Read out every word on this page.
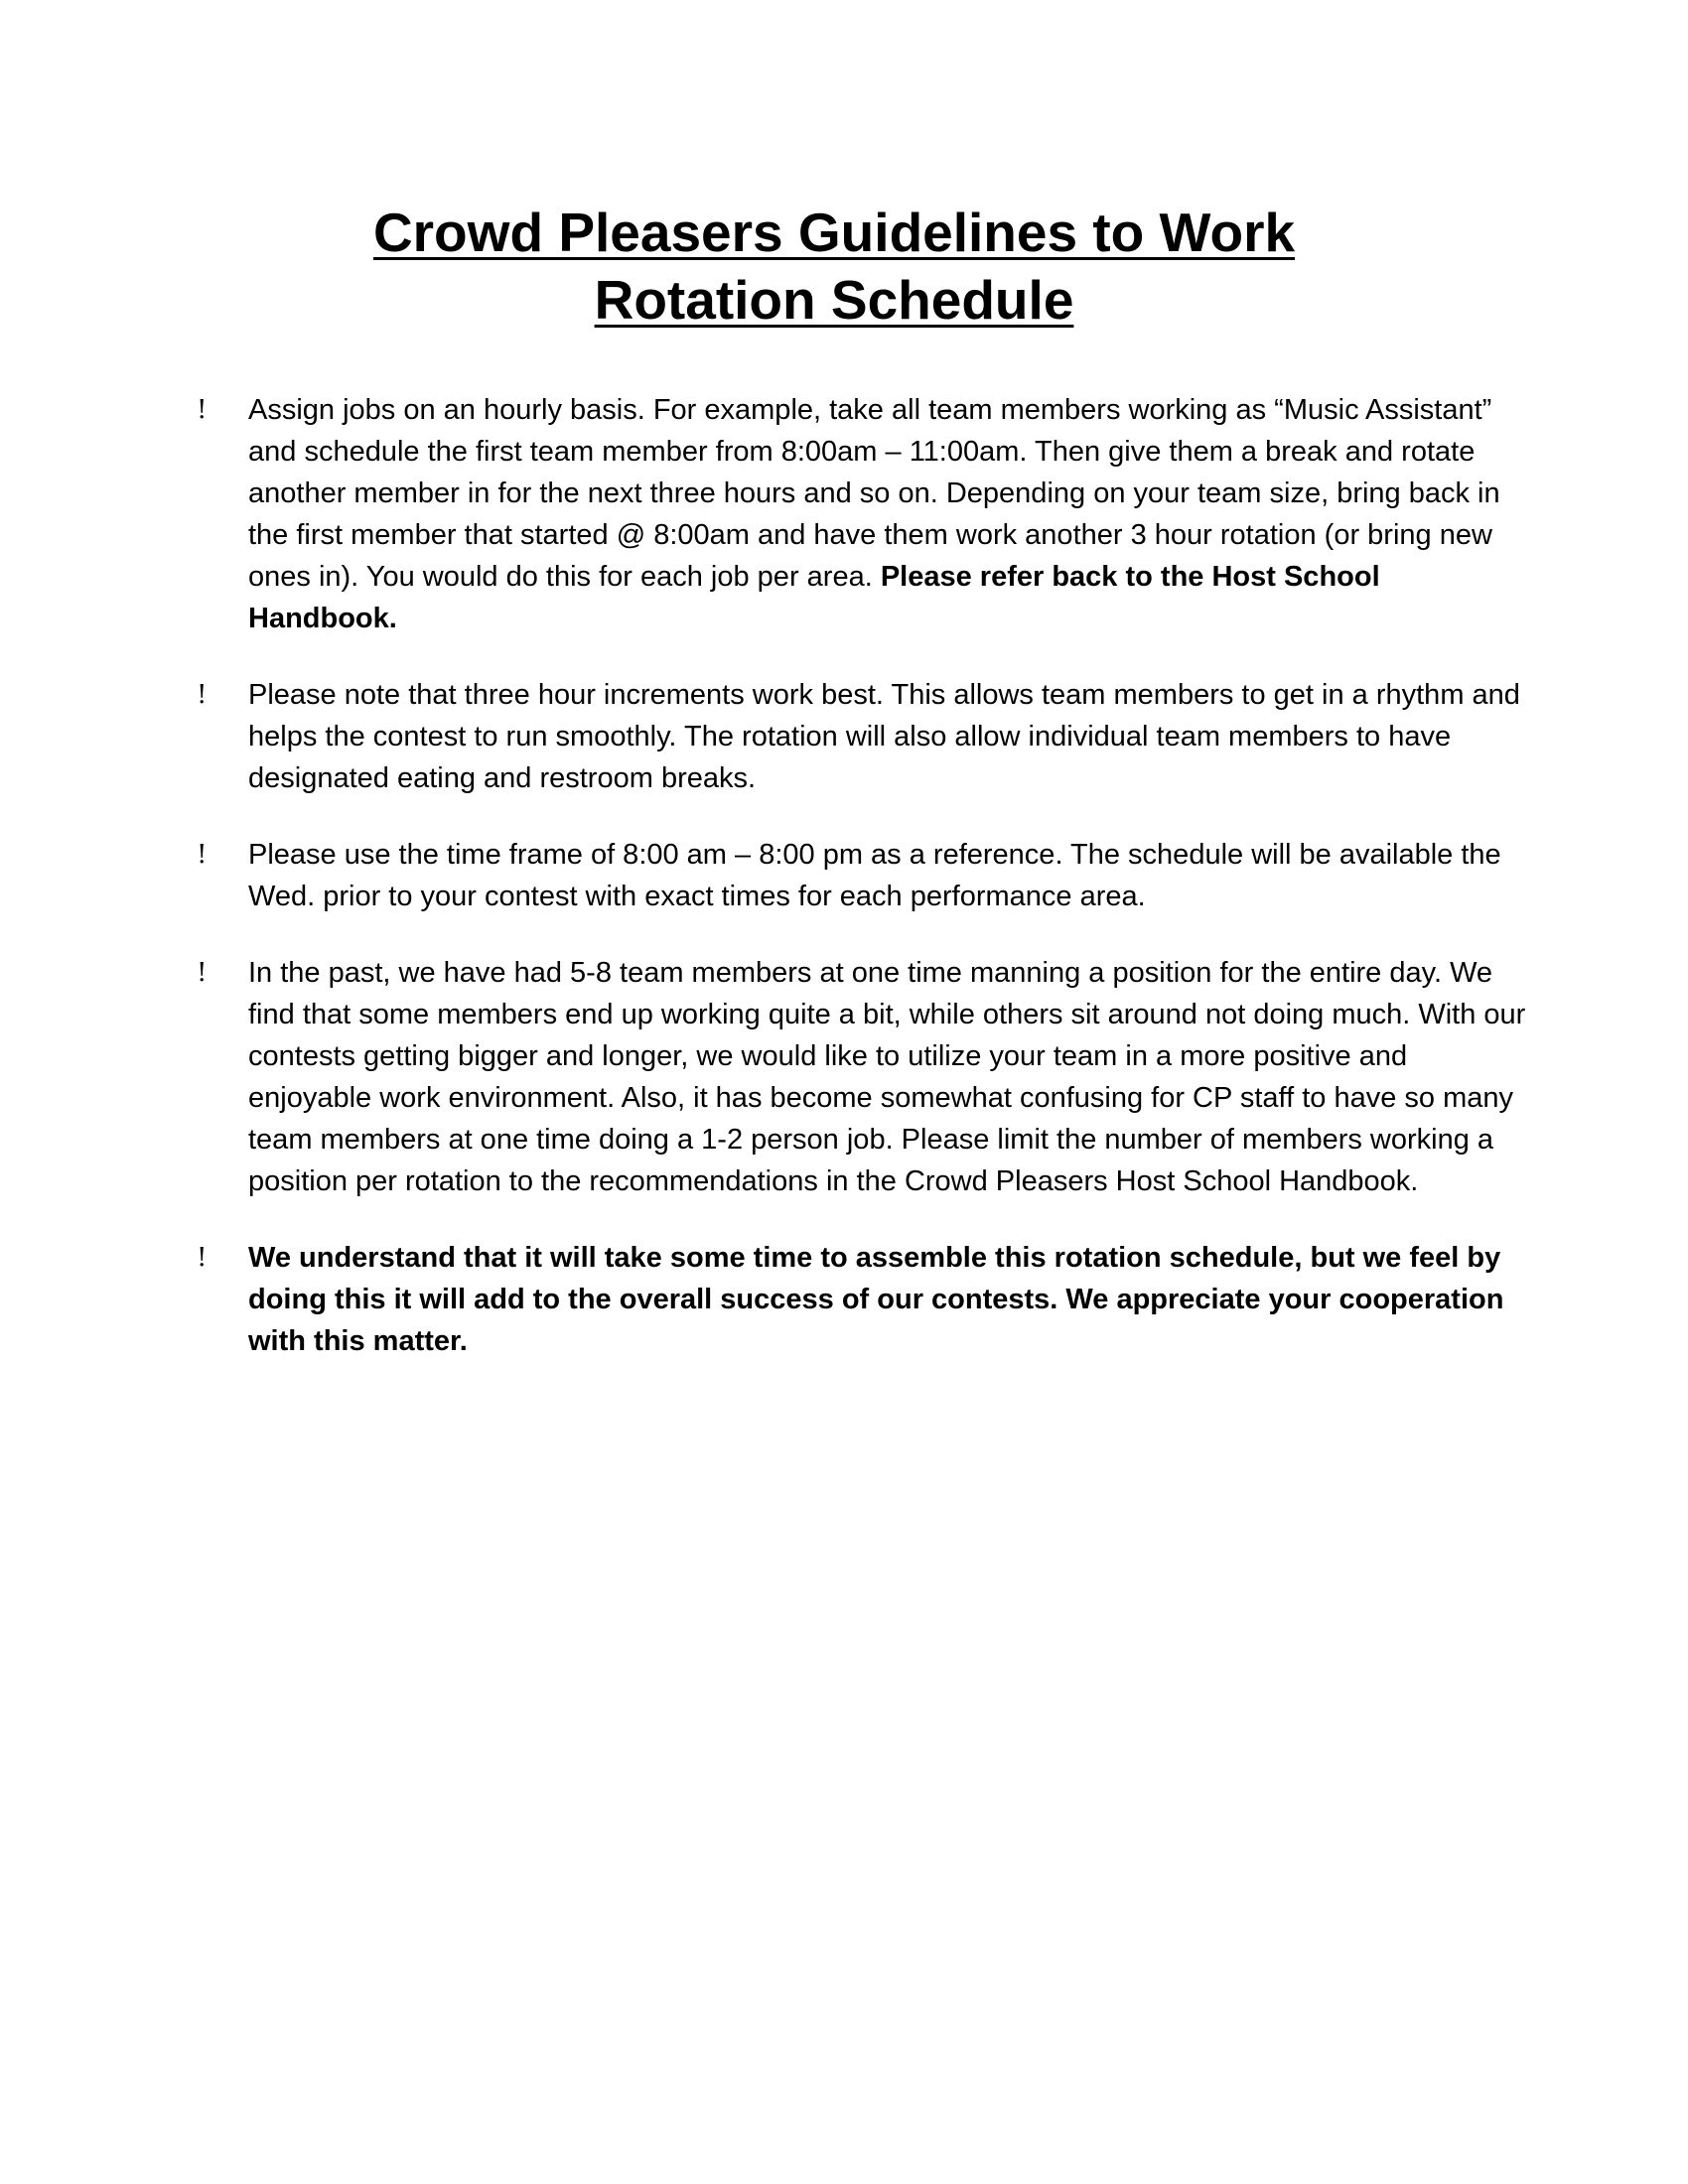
Crowd Pleasers Guidelines to Work
Rotation Schedule
!	Assign jobs on an hourly basis. For example, take all team members working as “Music Assistant” and schedule the first team member from 8:00am – 11:00am. Then give them a break and rotate another member in for the next three hours and so on. Depending on your team size, bring back in the first member that started @ 8:00am and have them work another 3 hour rotation (or bring new ones in). You would do this for each job per area. Please refer back to the Host School Handbook.
!	Please note that three hour increments work best. This allows team members to get in a rhythm and helps the contest to run smoothly. The rotation will also allow individual team members to have designated eating and restroom breaks.
!	Please use the time frame of 8:00 am – 8:00 pm as a reference. The schedule will be available the Wed. prior to your contest with exact times for each performance area.
!	In the past, we have had 5-8 team members at one time manning a position for the entire day. We find that some members end up working quite a bit, while others sit around not doing much. With our contests getting bigger and longer, we would like to utilize your team in a more positive and enjoyable work environment. Also, it has become somewhat confusing for CP staff to have so many team members at one time doing a 1-2 person job. Please limit the number of members working a position per rotation to the recommendations in the Crowd Pleasers Host School Handbook.
!	We understand that it will take some time to assemble this rotation schedule, but we feel by doing this it will add to the overall success of our contests. We appreciate your cooperation with this matter.
